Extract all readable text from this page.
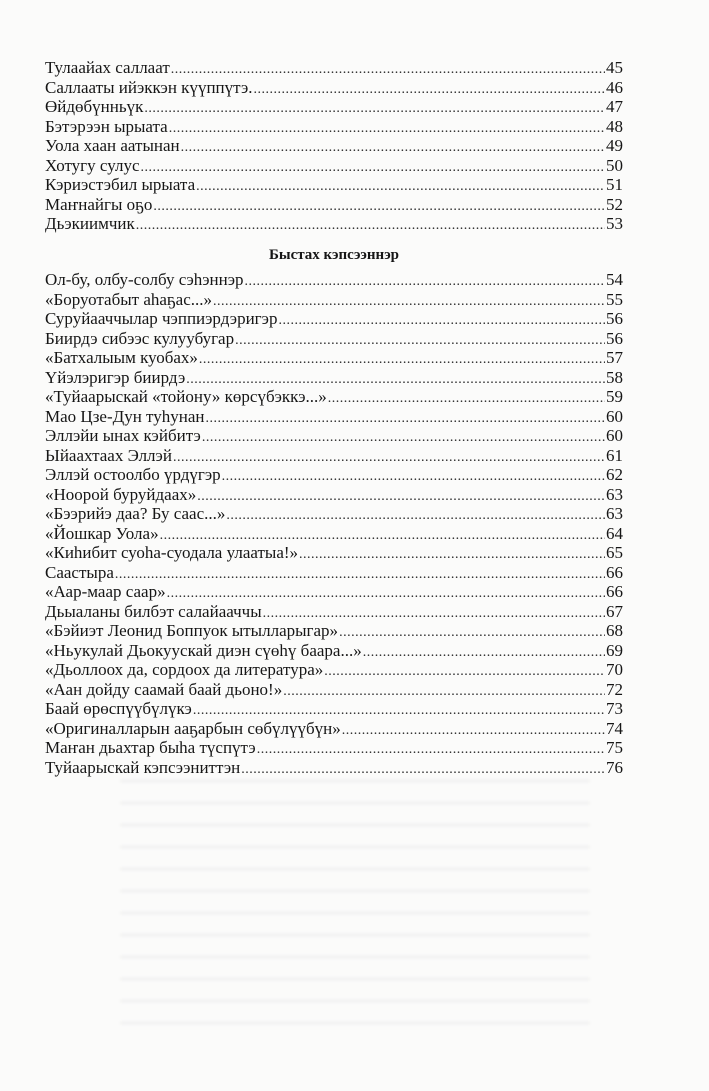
Тулаайах саллаат .....	45
Саллааты ийэккэн күүппүтэ. .....	46
Өйдөбүнньүк .....	47
Бэтэрээн ырыата .....	48
Уола хаан аатынан .....	49
Хотугу сулус .....	50
Кэриэстэбил ырыата .....	51
Маҥнайгы оҕо .....	52
Дьэкиимчик .....	53
Быстах кэпсээннэр
Ол-бу, олбу-солбу сэһэннэр .....	54
«Боруотабыт аһаҕас...» .....	55
Суруйааччылар чэппиэрдэригэр .....	56
Биирдэ сибээс кулуубугар .....	56
«Батхалыым куобах» .....	57
Үйэлэригэр биирдэ .....	58
«Туйаарыскай «тойону» көрсүбэккэ...» .....	59
Мао Цзе-Дун туһунан .....	60
Эллэйи ынах кэйбитэ .....	60
Ыйаахтаах Эллэй .....	61
Эллэй остоолбо үрдүгэр .....	62
«Ноорой буруйдаах» .....	63
«Бээрийэ даа? Бу саас...» .....	63
«Йошкар Уола» .....	64
«Киһибит суоһа-суодала улаатыа!» .....	65
Саастыра .....	66
«Аар-маар саар» .....	66
Дьыаланы билбэт салайааччы .....	67
«Бэйиэт Леонид Боппуок ытылларыгар» .....	68
«Ньукулай Дьокуускай диэн сүөһү баара...» .....	69
«Дьоллоох да, сордоох да литература» .....	70
«Аан дойду саамай баай дьоно!» .....	72
Баай өрөспүүбүлүкэ .....	73
«Оригиналларын ааҕарбын сөбүлүүбүн» .....	74
Маҥан дьахтар быһа түспүтэ .....	75
Туйаарыскай кэпсээниттэн .....	76
